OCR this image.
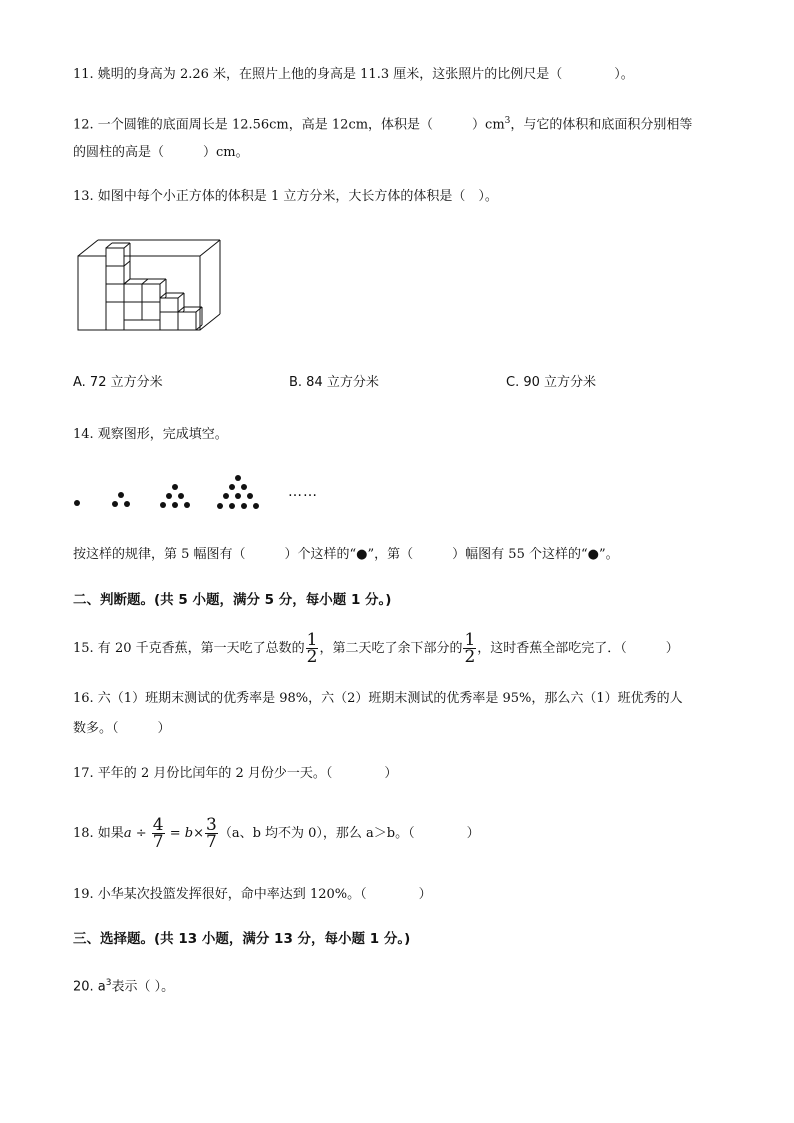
11. 姚明的身高为 2.26 米，在照片上他的身高是 11.3 厘米，这张照片的比例尺是（　　　　）。
12. 一个圆锥的底面周长是 12.56cm，高是 12cm，体积是（　　　）$cm^3$，与它的体积和底面积分别相等
的圆柱的高是（　　　）cm。
13. 如图中每个小正方体的体积是 1 立方分米，大长方体的体积是（　）。
A. 72 立方分米	B. 84 立方分米	C. 90 立方分米
14. 观察图形，完成填空。
……
按这样的规律，第 5 幅图有（　　　）个这样的“●”，第（　　　）幅图有 55 个这样的“●”。
二、判断题。(共 5 小题，满分 5 分，每小题 1 分。)
15. 有 20 千克香蕉，第一天吃了总数的 $\frac{1}{2}$ ，第二天吃了余下部分的 $\frac{1}{2}$ ，这时香蕉全部吃完了．（　　　）
16. 六（1）班期末测试的优秀率是 98%，六（2）班期末测试的优秀率是 95%，那么六（1）班优秀的人
数多。（　　　）
17. 平年的 2 月份比闰年的 2 月份少一天。（　　　　）
18. 如果$a \div \frac{4}{7} = b\times \frac{3}{7} (a$、b 均不为 0），那么 a＞b。（　　　　）
19. 小华某次投篮发挥很好，命中率达到 120%。（　　　　）
三、选择题。(共 13 小题，满分 13 分，每小题 1 分。)
20. $a^3$表示（ ）。
